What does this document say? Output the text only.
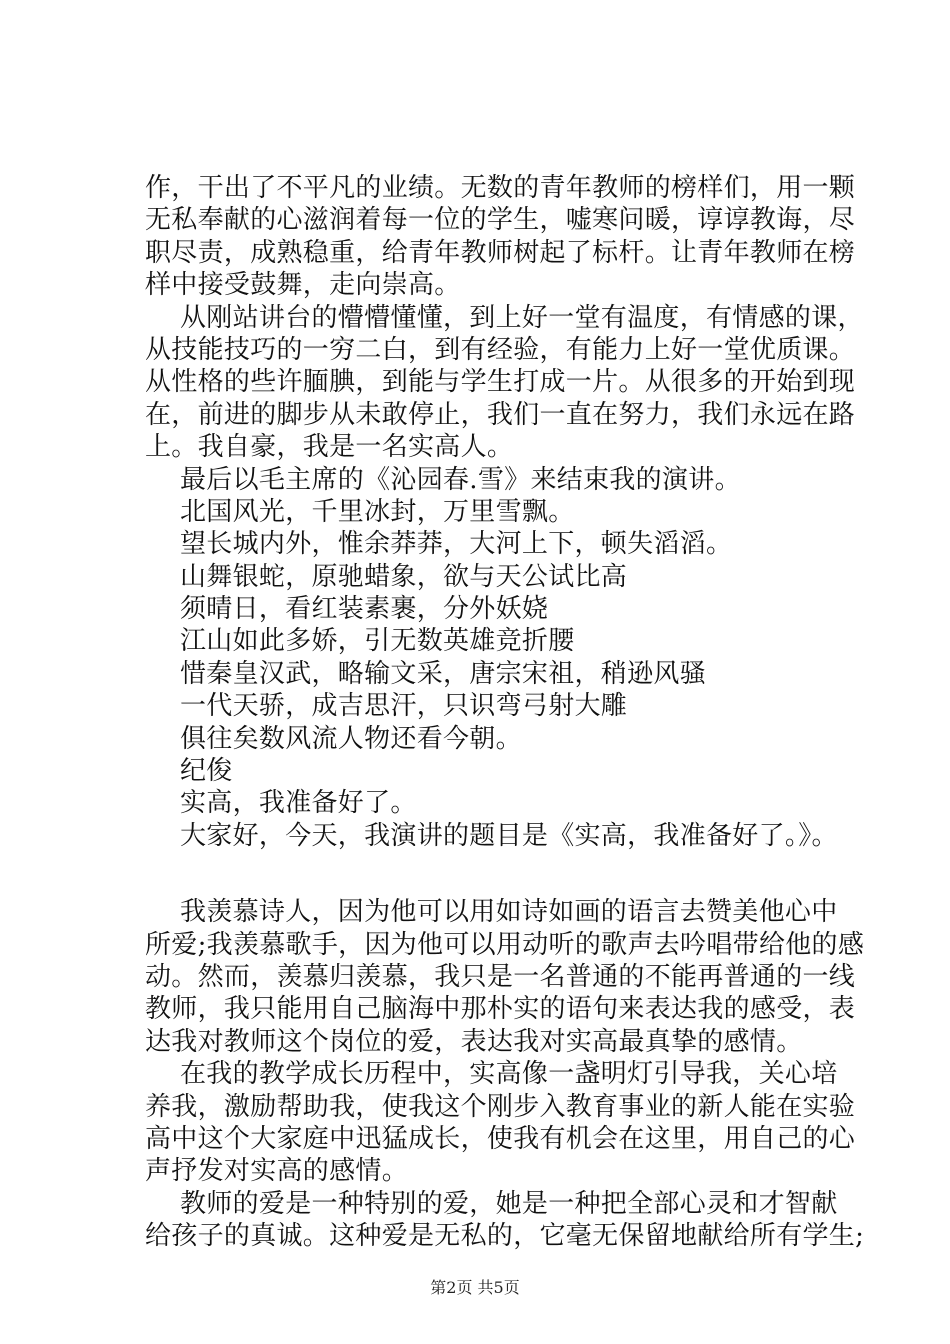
作，干出了不平凡的业绩。无数的青年教师的榜样们，用一颗
无私奉献的心滋润着每一位的学生，嘘寒问暖，谆谆教诲，尽
职尽责，成熟稳重，给青年教师树起了标杆。让青年教师在榜
样中接受鼓舞，走向崇高。
从刚站讲台的懵懵懂懂，到上好一堂有温度，有情感的课，
从技能技巧的一穷二白，到有经验，有能力上好一堂优质课。
从性格的些许腼腆，到能与学生打成一片。从很多的开始到现
在，前进的脚步从未敢停止，我们一直在努力，我们永远在路
上。我自豪，我是一名实高人。
最后以毛主席的《沁园春.雪》来结束我的演讲。
北国风光，千里冰封，万里雪飘。
望长城内外，惟余莽莽，大河上下，顿失滔滔。
山舞银蛇，原驰蜡象，欲与天公试比高
须晴日，看红装素裹，分外妖娆
江山如此多娇，引无数英雄竞折腰
惜秦皇汉武，略输文采，唐宗宋祖，稍逊风骚
一代天骄，成吉思汗，只识弯弓射大雕
俱往矣数风流人物还看今朝。
纪俊
实高，我准备好了。
大家好，今天，我演讲的题目是《实高，我准备好了。》。
我羡慕诗人，因为他可以用如诗如画的语言去赞美他心中
所爱;我羡慕歌手，因为他可以用动听的歌声去吟唱带给他的感
动。然而，羡慕归羡慕，我只是一名普通的不能再普通的一线
教师，我只能用自己脑海中那朴实的语句来表达我的感受，表
达我对教师这个岗位的爱，表达我对实高最真挚的感情。
在我的教学成长历程中，实高像一盏明灯引导我，关心培
养我，激励帮助我，使我这个刚步入教育事业的新人能在实验
高中这个大家庭中迅猛成长，使我有机会在这里，用自己的心
声抒发对实高的感情。
教师的爱是一种特别的爱，她是一种把全部心灵和才智献
给孩子的真诚。这种爱是无私的，它毫无保留地献给所有学生;
第2页 共5页
